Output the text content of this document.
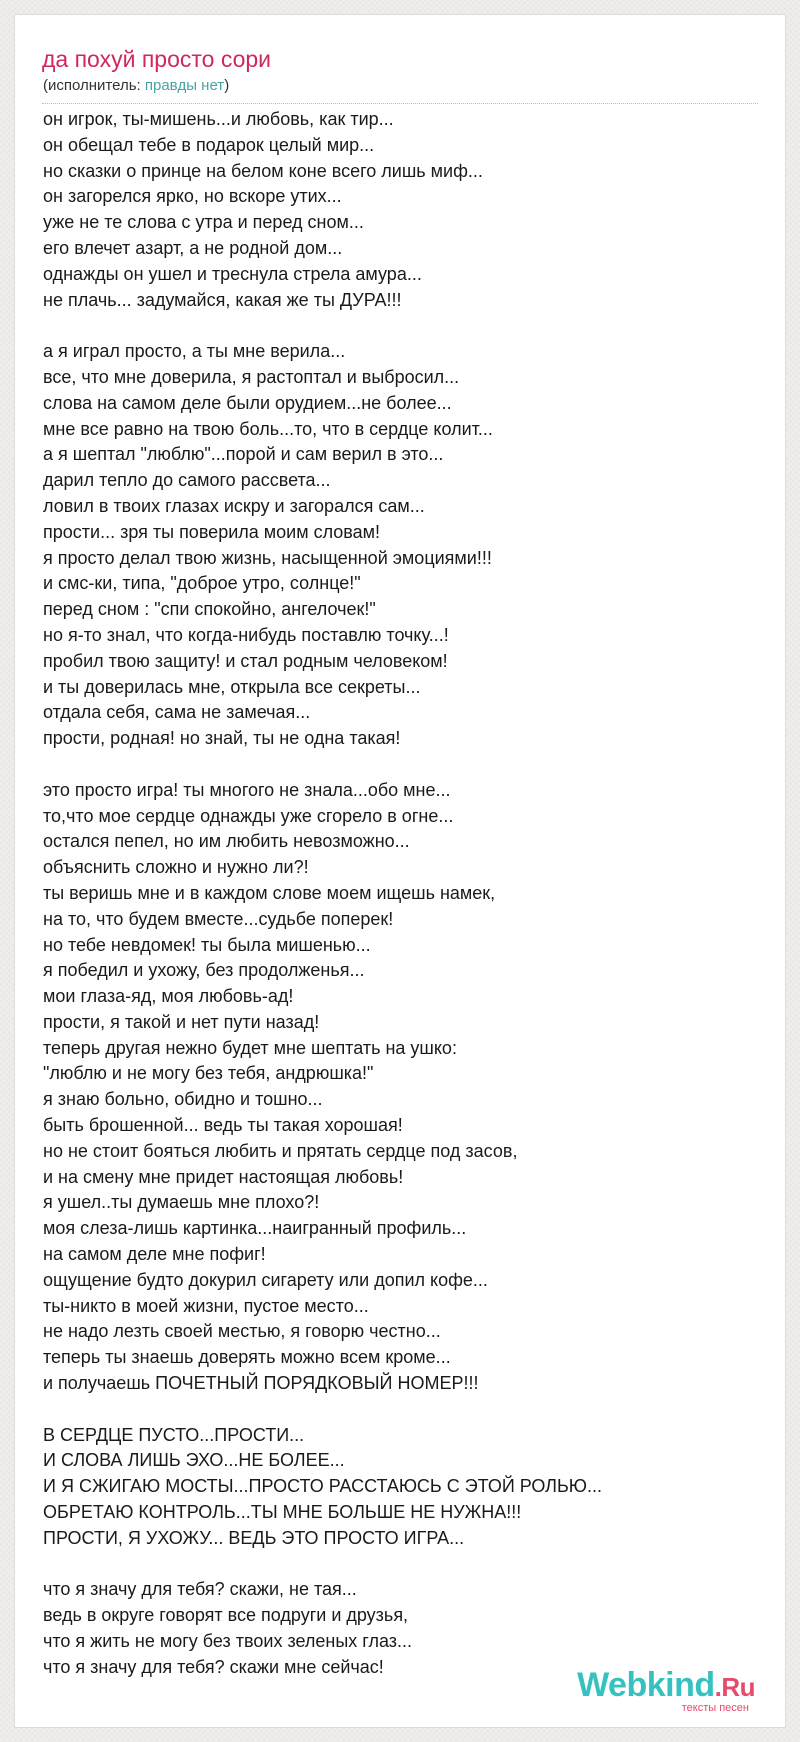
да похуй просто сори
(исполнитель: правды нет)
он игрок, ты-мишень...и любовь, как тир...
он обещал тебе в подарок целый мир...
но сказки о принце на белом коне всего лишь миф...
он загорелся ярко, но вскоре утих...
уже не те слова с утра и перед сном...
его влечет азарт, а не родной дом...
однажды он ушел и треснула стрела амура...
не плачь... задумайся, какая же ты ДУРА!!!
а я играл просто, а ты мне верила...
все, что мне доверила, я растоптал и выбросил...
слова на самом деле были орудием...не более...
мне все равно на твою боль...то, что в сердце колит...
а я шептал "люблю"...порой и сам верил в это...
дарил тепло до самого рассвета...
ловил в твоих глазах искру и загорался сам...
прости... зря ты поверила моим словам!
я просто делал твою жизнь, насыщенной эмоциями!!!
и смс-ки, типа, "доброе утро, солнце!"
перед сном : "спи спокойно, ангелочек!"
но я-то знал, что когда-нибудь поставлю точку...!
пробил твою защиту! и стал родным человеком!
и ты доверилась мне, открыла все секреты...
отдала себя, сама не замечая...
прости, родная! но знай, ты не одна такая!
это просто игра! ты многого не знала...обо мне...
то,что мое сердце однажды уже сгорело в огне...
остался пепел, но им любить невозможно...
объяснить сложно и нужно ли?!
ты веришь мне и в каждом слове моем ищешь намек,
на то, что будем вместе...судьбе поперек!
но тебе невдомек! ты была мишенью...
я победил и ухожу, без продолженья...
мои глаза-яд, моя любовь-ад!
прости, я такой и нет пути назад!
теперь другая нежно будет мне шептать на ушко:
"люблю и не могу без тебя, андрюшка!"
я знаю больно, обидно и тошно...
быть брошенной... ведь ты такая хорошая!
но не стоит бояться любить и прятать сердце под засов,
и на смену мне придет настоящая любовь!
я ушел..ты думаешь мне плохо?!
моя слеза-лишь картинка...наигранный профиль...
на самом деле мне пофиг!
ощущение будто докурил сигарету или допил кофе...
ты-никто в моей жизни, пустое место...
не надо лезть своей местью, я говорю честно...
теперь ты знаешь доверять можно всем кроме...
и получаешь ПОЧЕТНЫЙ ПОРЯДКОВЫЙ НОМЕР!!!
В СЕРДЦЕ ПУСТО...ПРОСТИ...
И СЛОВА ЛИШЬ ЭХО...НЕ БОЛЕЕ...
И Я СЖИГАЮ МОСТЫ...ПРОСТО РАССТАЮСЬ С ЭТОЙ РОЛЬЮ...
ОБРЕТАЮ КОНТРОЛЬ...ТЫ МНЕ БОЛЬШЕ НЕ НУЖНА!!!
ПРОСТИ, Я УХОЖУ... ВЕДЬ ЭТО ПРОСТО ИГРА...
что я значу для тебя? скажи, не тая...
ведь в округе говорят все подруги и друзья,
что я жить не могу без твоих зеленых глаз...
что я значу для тебя? скажи мне сейчас!	Webkind.Ru
тексты песен
